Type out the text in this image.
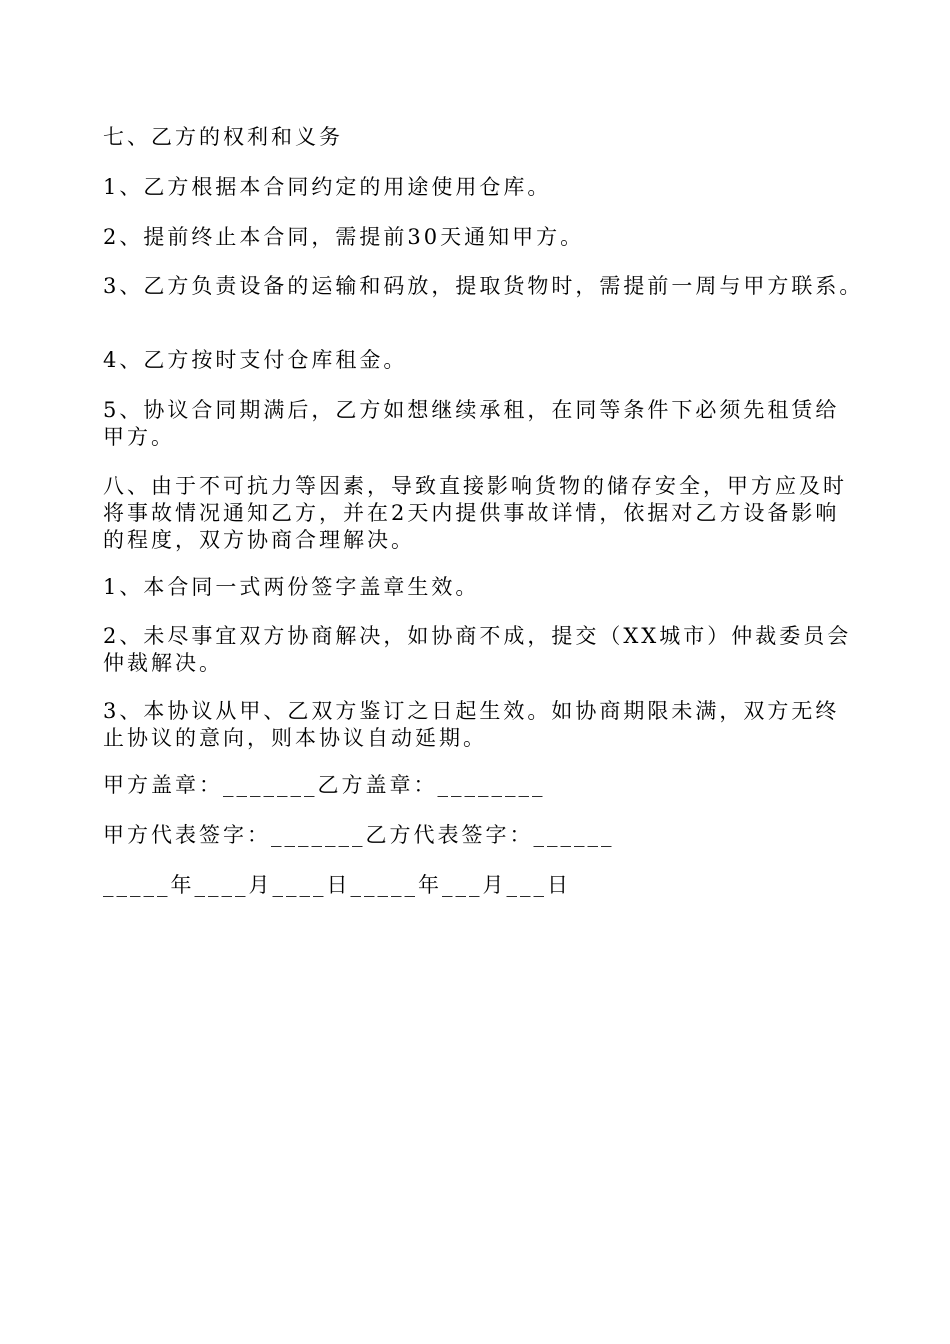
七、乙方的权利和义务

1、乙方根据本合同约定的用途使用仓库。

2、提前终止本合同，需提前30天通知甲方。

3、乙方负责设备的运输和码放，提取货物时，需提前一周与甲方联系。

4、乙方按时支付仓库租金。

5、协议合同期满后，乙方如想继续承租，在同等条件下必须先租赁给甲方。

八、由于不可抗力等因素，导致直接影响货物的储存安全，甲方应及时将事故情况通知乙方，并在2天内提供事故详情，依据对乙方设备影响的程度，双方协商合理解决。

1、本合同一式两份签字盖章生效。

2、未尽事宜双方协商解决，如协商不成，提交（XX城市）仲裁委员会仲裁解决。

3、本协议从甲、乙双方鉴订之日起生效。如协商期限未满，双方无终止协议的意向，则本协议自动延期。

甲方盖章：_______乙方盖章：________

甲方代表签字：_______乙方代表签字：______

_____年____月____日_____年___月___日
